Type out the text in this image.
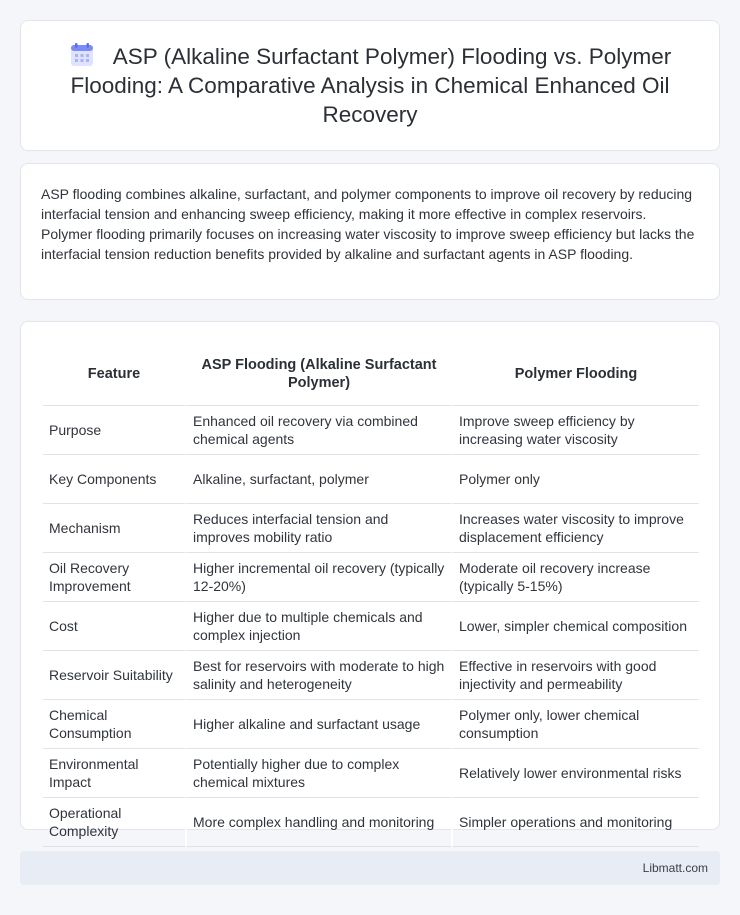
ASP (Alkaline Surfactant Polymer) Flooding vs. Polymer Flooding: A Comparative Analysis in Chemical Enhanced Oil Recovery

ASP flooding combines alkaline, surfactant, and polymer components to improve oil recovery by reducing interfacial tension and enhancing sweep efficiency, making it more effective in complex reservoirs. Polymer flooding primarily focuses on increasing water viscosity to improve sweep efficiency but lacks the interfacial tension reduction benefits provided by alkaline and surfactant agents in ASP flooding.

Feature	ASP Flooding (Alkaline Surfactant Polymer)	Polymer Flooding
Purpose	Enhanced oil recovery via combined chemical agents	Improve sweep efficiency by increasing water viscosity
Key Components	Alkaline, surfactant, polymer	Polymer only
Mechanism	Reduces interfacial tension and improves mobility ratio	Increases water viscosity to improve displacement efficiency
Oil Recovery Improvement	Higher incremental oil recovery (typically 12-20%)	Moderate oil recovery increase (typically 5-15%)
Cost	Higher due to multiple chemicals and complex injection	Lower, simpler chemical composition
Reservoir Suitability	Best for reservoirs with moderate to high salinity and heterogeneity	Effective in reservoirs with good injectivity and permeability
Chemical Consumption	Higher alkaline and surfactant usage	Polymer only, lower chemical consumption
Environmental Impact	Potentially higher due to complex chemical mixtures	Relatively lower environmental risks
Operational Complexity	More complex handling and monitoring	Simpler operations and monitoring
Libmatt.com
